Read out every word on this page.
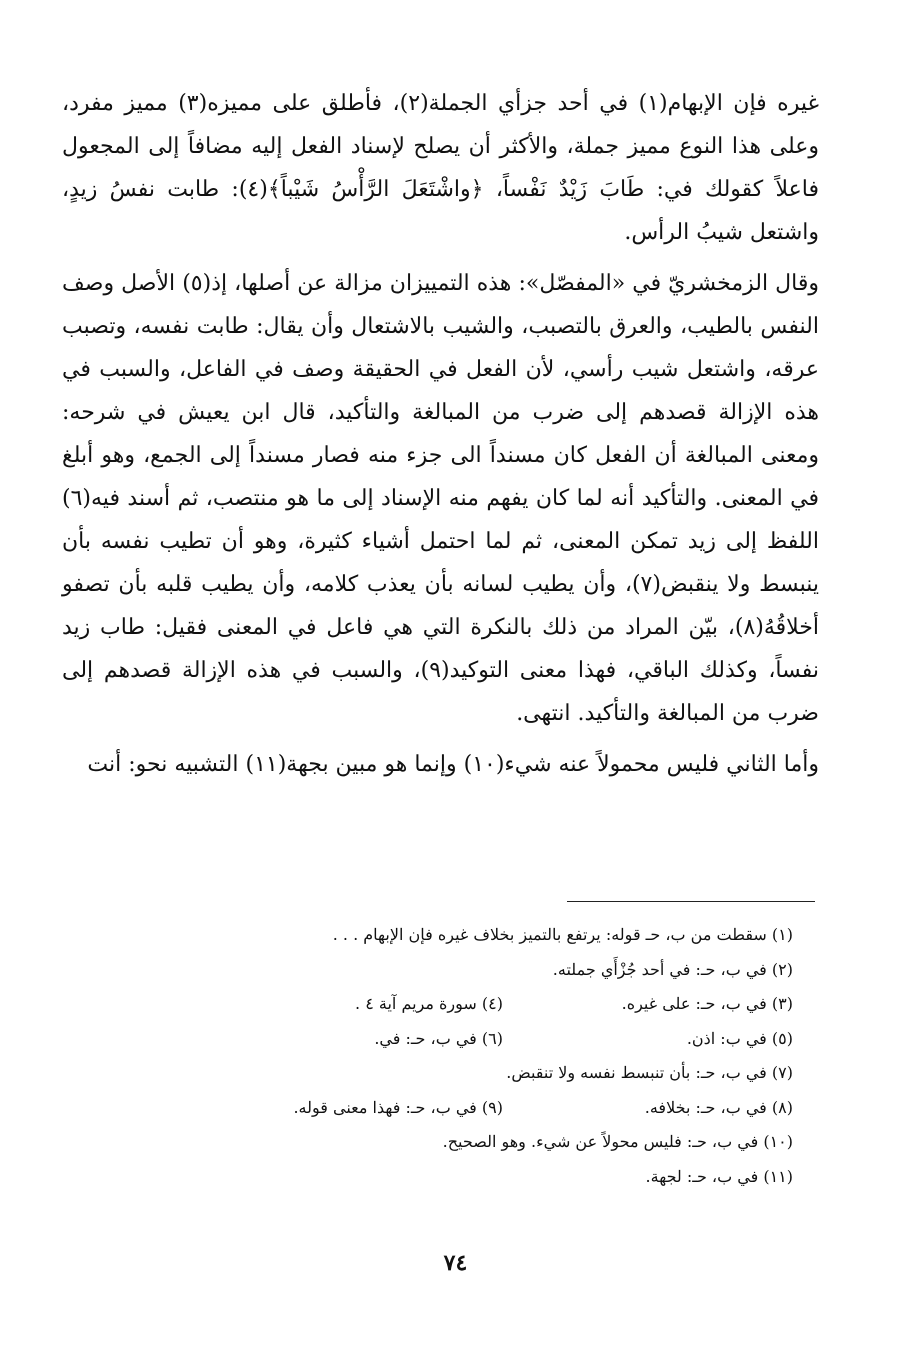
غيره فإن الإبهام(١) في أحد جزأي الجملة(٢)، فأطلق على مميزه(٣) مميز مفرد، وعلى هذا النوع مميز جملة، والأكثر أن يصلح لإسناد الفعل إليه مضافاً إلى المجعول فاعلاً كقولك في: طَابَ زَيْدٌ نَفْساً، ﴿واشْتَعَلَ الرَّأْسُ شَيْباً﴾(٤): طابت نفسُ زيدٍ، واشتعل شيبُ الرأس.

وقال الزمخشريّ في «المفصّل»: هذه التمييزان مزالة عن أصلها، إذ(٥) الأصل وصف النفس بالطيب، والعرق بالتصبب، والشيب بالاشتعال وأن يقال: طابت نفسه، وتصبب عرقه، واشتعل شيب رأسي، لأن الفعل في الحقيقة وصف في الفاعل، والسبب في هذه الإزالة قصدهم إلى ضرب من المبالغة والتأكيد، قال ابن يعيش في شرحه: ومعنى المبالغة أن الفعل كان مسنداً الى جزء منه فصار مسنداً إلى الجمع، وهو أبلغ في المعنى. والتأكيد أنه لما كان يفهم منه الإسناد إلى ما هو منتصب، ثم أسند فيه(٦) اللفظ إلى زيد تمكن المعنى، ثم لما احتمل أشياء كثيرة، وهو أن تطيب نفسه بأن ينبسط ولا ينقبض(٧)، وأن يطيب لسانه بأن يعذب كلامه، وأن يطيب قلبه بأن تصفو أخلاقُهُ(٨)، بيّن المراد من ذلك بالنكرة التي هي فاعل في المعنى فقيل: طاب زيد نفساً، وكذلك الباقي، فهذا معنى التوكيد(٩)، والسبب في هذه الإزالة قصدهم إلى ضرب من المبالغة والتأكيد. انتهى.

وأما الثاني فليس محمولاً عنه شيء(١٠) وإنما هو مبين بجهة(١١) التشبيه نحو: أنت

(١) سقطت من ب، حـ قوله: يرتفع بالتميز بخلاف غيره فإن الإبهام . . .
(٢) في ب، حـ: في أحد جُزْأَي جملته.
(٣) في ب، حـ: على غيره.
(٤) سورة مريم آية ٤ .
(٥) في ب: اذن.
(٦) في ب، حـ: في.
(٧) في ب، حـ: بأن تنبسط نفسه ولا تنقبض.
(٨) في ب، حـ: بخلافه.
(٩) في ب، حـ: فهذا معنى قوله.
(١٠) في ب، حـ: فليس محولاً عن شيء. وهو الصحيح.
(١١) في ب، حـ: لجهة.
٧٤
